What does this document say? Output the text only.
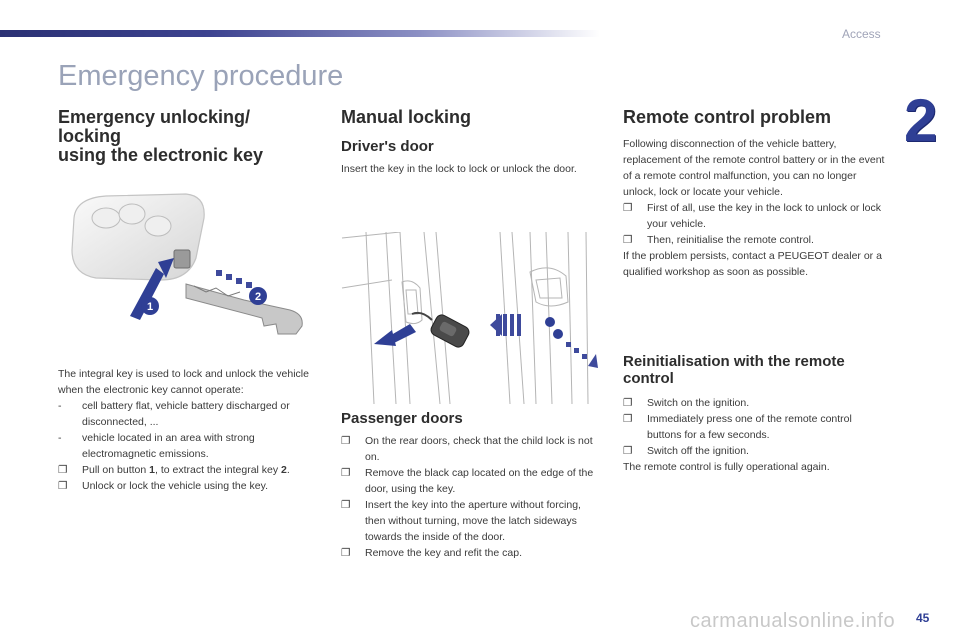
Access
2
Emergency procedure
Emergency unlocking/
locking
using the electronic key
1
2

The integral key is used to lock and unlock the vehicle when the electronic key cannot operate:

-	cell battery flat, vehicle battery discharged or disconnected, ...
-	vehicle located in an area with strong electromagnetic emissions.
❐	Pull on button 1, to extract the integral key 2.
❐	Unlock or lock the vehicle using the key.
Manual locking
Driver's door

Insert the key in the lock to lock or unlock the door.

Passenger doors
❐	On the rear doors, check that the child lock is not on.
❐	Remove the black cap located on the edge of the door, using the key.
❐	Insert the key into the aperture without forcing, then without turning, move the latch sideways towards the inside of the door.
❐	Remove the key and refit the cap.
Remote control problem

Following disconnection of the vehicle battery, replacement of the remote control battery or in the event of a remote control malfunction, you can no longer unlock, lock or locate your vehicle.

❐	First of all, use the key in the lock to unlock or lock your vehicle.
❐	Then, reinitialise the remote control.

If the problem persists, contact a PEUGEOT dealer or a qualified workshop as soon as possible.

Reinitialisation with the remote control
❐	Switch on the ignition.
❐	Immediately press one of the remote control buttons for a few seconds.
❐	Switch off the ignition.

The remote control is fully operational again.

carmanualsonline.info 45
